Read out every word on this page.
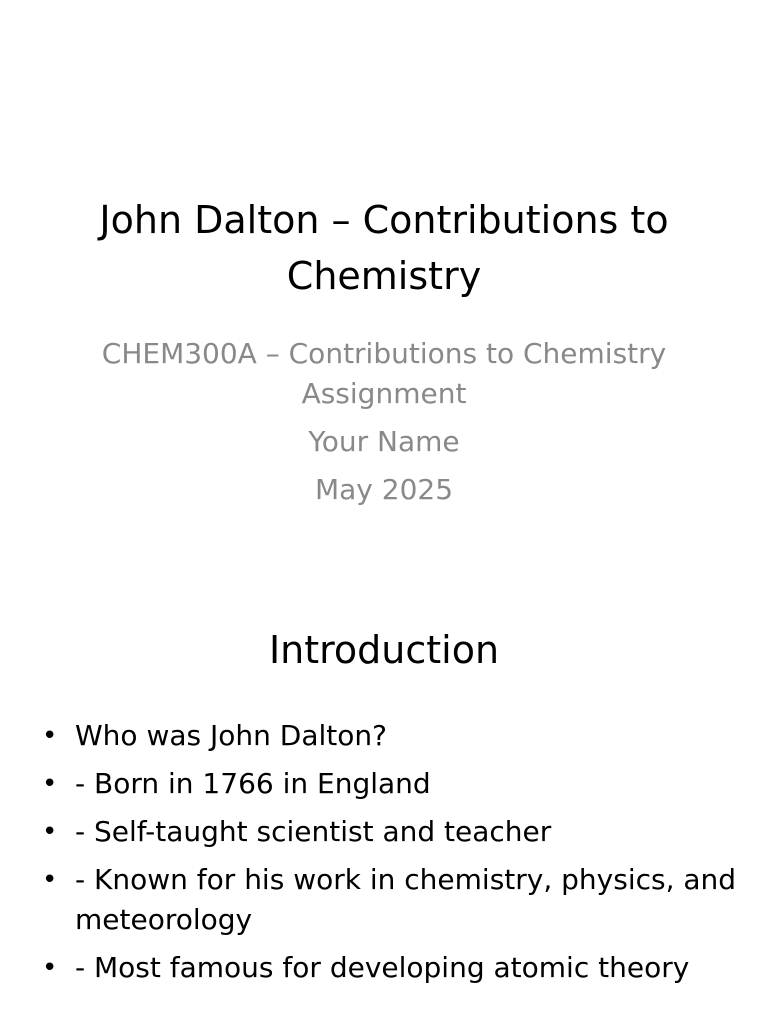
John Dalton – Contributions to Chemistry
CHEM300A – Contributions to Chemistry Assignment
Your Name
May 2025
Introduction
• Who was John Dalton?
• - Born in 1766 in England
• - Self-taught scientist and teacher
• - Known for his work in chemistry, physics, and meteorology
• - Most famous for developing atomic theory
